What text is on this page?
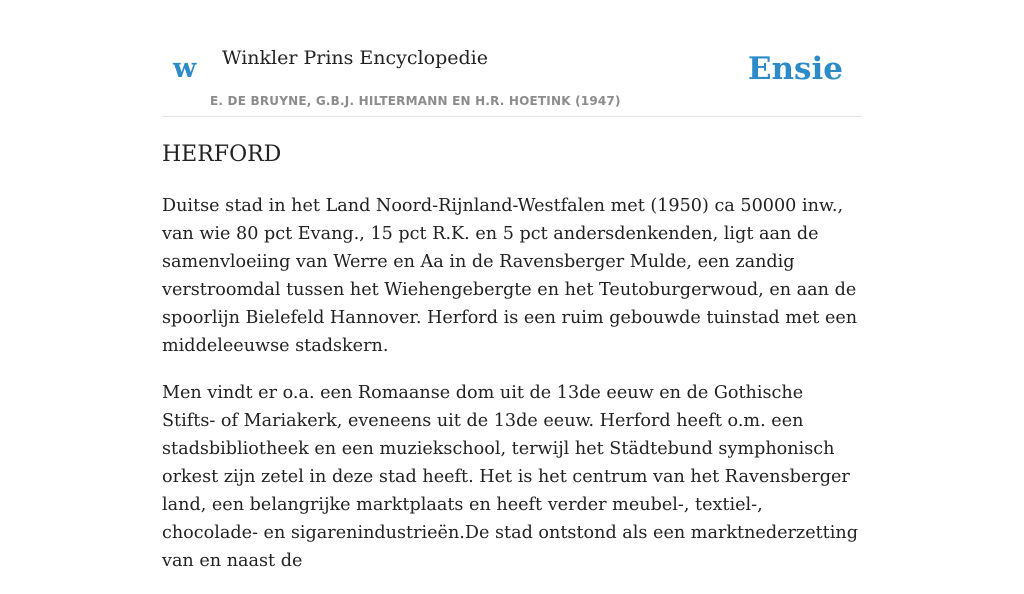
w Winkler Prins Encyclopedie
E. DE BRUYNE, G.B.J. HILTERMANN EN H.R. HOETINK (1947)
Ensie
HERFORD

Duitse stad in het Land Noord-Rijnland-Westfalen met (1950) ca 50000 inw., van wie 80 pct Evang., 15 pct R.K. en 5 pct andersdenkenden, ligt aan de samenvloeiing van Werre en Aa in de Ravensberger Mulde, een zandig verstroomdal tussen het Wiehengebergte en het Teutoburgerwoud, en aan de spoorlijn Bielefeld Hannover. Herford is een ruim gebouwde tuinstad met een middeleeuwse stadskern.

Men vindt er o.a. een Romaanse dom uit de 13de eeuw en de Gothische Stifts- of Mariakerk, eveneens uit de 13de eeuw. Herford heeft o.m. een stadsbibliotheek en een muziekschool, terwijl het Städtebund symphonisch orkest zijn zetel in deze stad heeft. Het is het centrum van het Ravensberger land, een belangrijke marktplaats en heeft verder meubel-, textiel-, chocolade- en sigarenindustrieën.De stad ontstond als een marktnederzetting van en naast de
